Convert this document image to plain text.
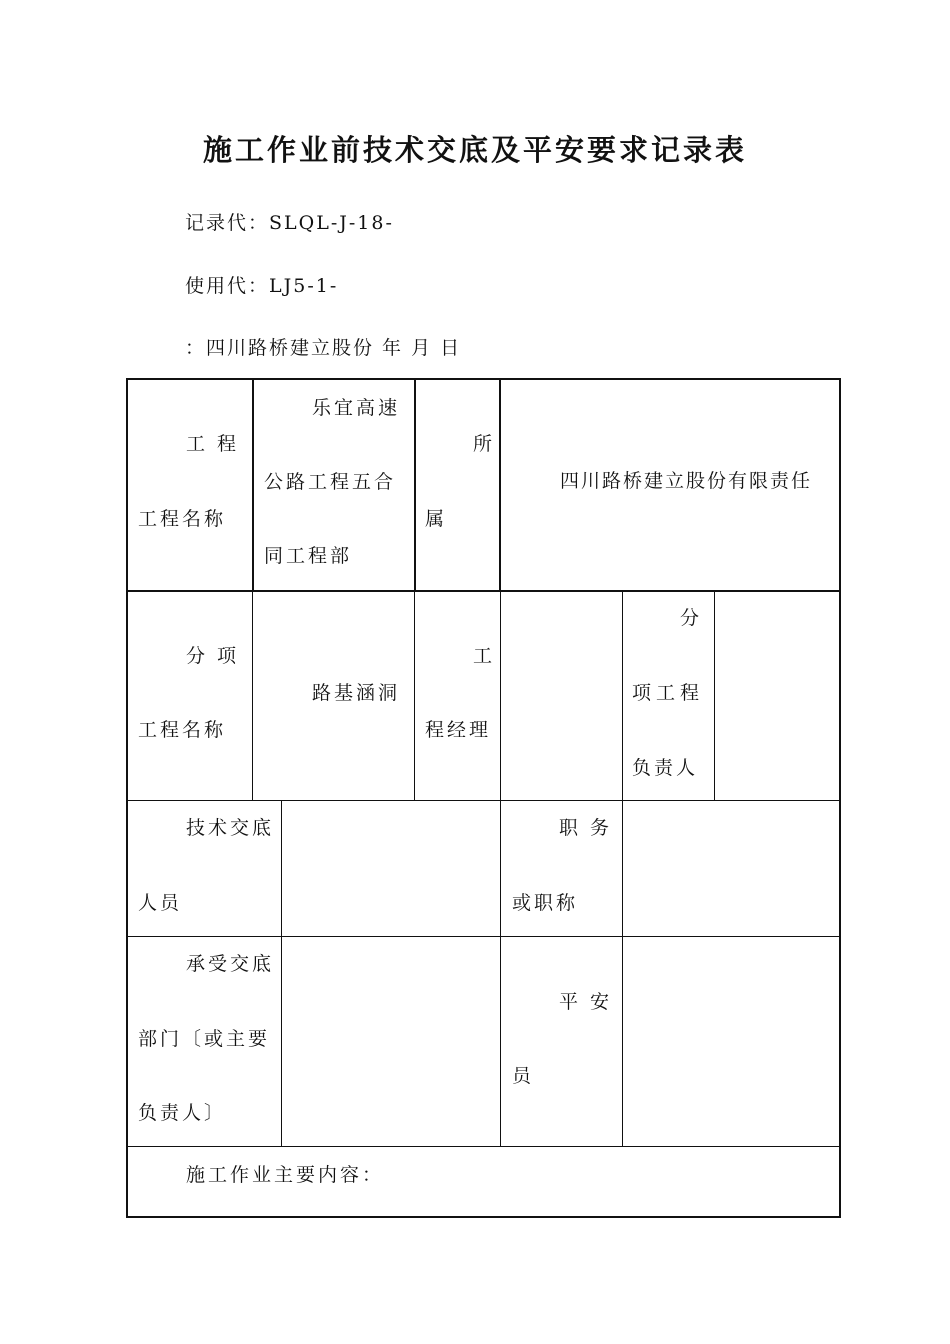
施工作业前技术交底及平安要求记录表
记录代：SLQL-J-18-
使用代：LJ5-1-
：四川路桥建立股份 年 月 日
工 程
工程名称
乐宜高速
公路工程五合
同工程部
所
属
四川路桥建立股份有限责任
分 项
工程名称
路基涵洞
工
程经理
分
项工程
负责人
技术交底
人员
职 务
或职称
承受交底
部门〔或主要
负责人〕
平 安
员
施工作业主要内容：
